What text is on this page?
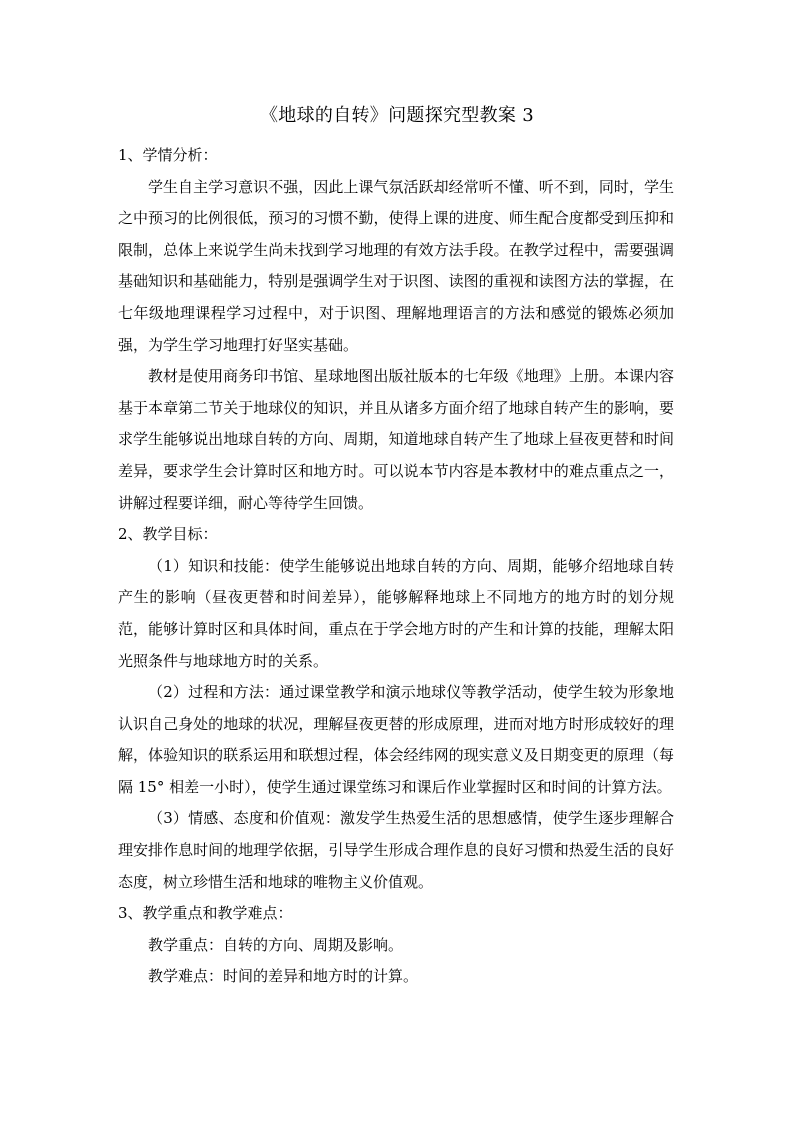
《地球的自转》问题探究型教案 3

1、学情分析：

学生自主学习意识不强，因此上课气氛活跃却经常听不懂、听不到，同时，学生之中预习的比例很低，预习的习惯不勤，使得上课的进度、师生配合度都受到压抑和限制，总体上来说学生尚未找到学习地理的有效方法手段。在教学过程中，需要强调基础知识和基础能力，特别是强调学生对于识图、读图的重视和读图方法的掌握，在七年级地理课程学习过程中，对于识图、理解地理语言的方法和感觉的锻炼必须加强，为学生学习地理打好坚实基础。

教材是使用商务印书馆、星球地图出版社版本的七年级《地理》上册。本课内容基于本章第二节关于地球仪的知识，并且从诸多方面介绍了地球自转产生的影响，要求学生能够说出地球自转的方向、周期，知道地球自转产生了地球上昼夜更替和时间差异，要求学生会计算时区和地方时。可以说本节内容是本教材中的难点重点之一，讲解过程要详细，耐心等待学生回馈。

2、教学目标：

（1）知识和技能：使学生能够说出地球自转的方向、周期，能够介绍地球自转产生的影响（昼夜更替和时间差异），能够解释地球上不同地方的地方时的划分规范，能够计算时区和具体时间，重点在于学会地方时的产生和计算的技能，理解太阳光照条件与地球地方时的关系。

（2）过程和方法：通过课堂教学和演示地球仪等教学活动，使学生较为形象地认识自己身处的地球的状况，理解昼夜更替的形成原理，进而对地方时形成较好的理解，体验知识的联系运用和联想过程，体会经纬网的现实意义及日期变更的原理（每隔 15° 相差一小时），使学生通过课堂练习和课后作业掌握时区和时间的计算方法。

（3）情感、态度和价值观：激发学生热爱生活的思想感情，使学生逐步理解合理安排作息时间的地理学依据，引导学生形成合理作息的良好习惯和热爱生活的良好态度，树立珍惜生活和地球的唯物主义价值观。

3、教学重点和教学难点：

教学重点：自转的方向、周期及影响。

教学难点：时间的差异和地方时的计算。
